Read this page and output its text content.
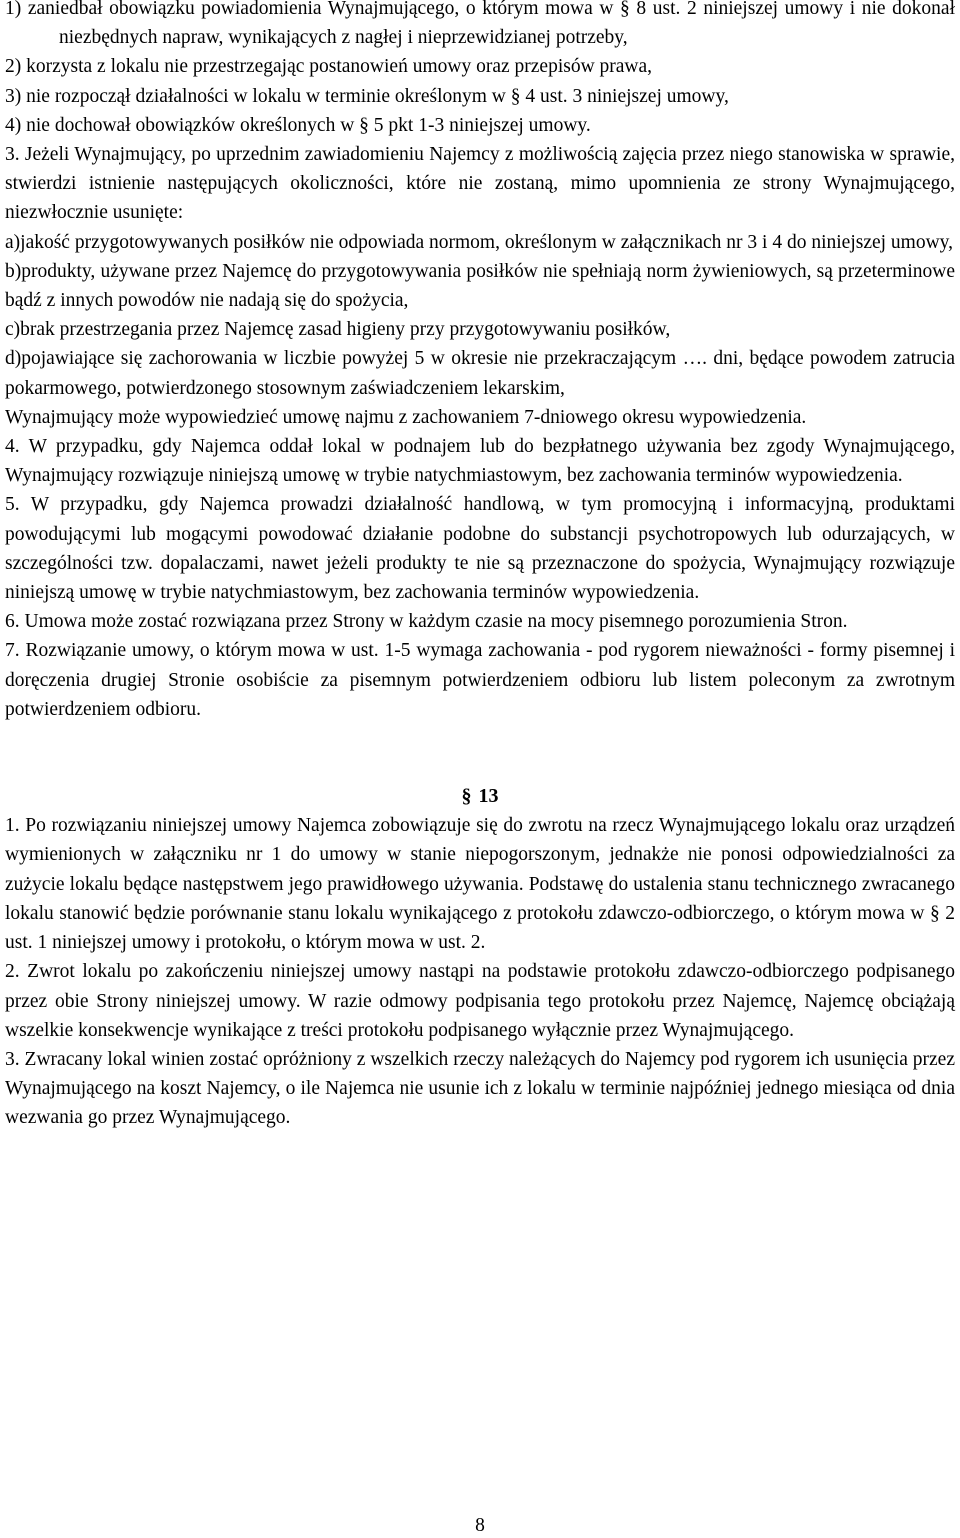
1) zaniedbał obowiązku powiadomienia Wynajmującego, o którym mowa w § 8 ust. 2 niniejszej umowy i nie dokonał niezbędnych napraw, wynikających z nagłej i nieprzewidzianej potrzeby,

2) korzysta z lokalu nie przestrzegając postanowień umowy oraz przepisów prawa,

3) nie rozpoczął działalności w lokalu w terminie określonym w § 4 ust. 3 niniejszej umowy,

4) nie dochował obowiązków określonych w § 5 pkt 1-3 niniejszej umowy.

3. Jeżeli Wynajmujący, po uprzednim zawiadomieniu Najemcy z możliwością zajęcia przez niego stanowiska w sprawie, stwierdzi istnienie następujących okoliczności, które nie zostaną, mimo upomnienia ze strony Wynajmującego, niezwłocznie usunięte:

a)jakość przygotowywanych posiłków nie odpowiada normom, określonym w załącznikach nr 3 i 4 do niniejszej umowy,

b)produkty, używane przez Najemcę do przygotowywania posiłków nie spełniają norm żywieniowych, są przeterminowe bądź z innych powodów nie nadają się do spożycia,

c)brak przestrzegania przez Najemcę zasad higieny przy przygotowywaniu posiłków,

d)pojawiające się zachorowania w liczbie powyżej 5 w okresie nie przekraczającym …. dni, będące powodem zatrucia pokarmowego, potwierdzonego stosownym zaświadczeniem lekarskim,

Wynajmujący może wypowiedzieć umowę najmu z zachowaniem 7-dniowego okresu wypowiedzenia.

4. W przypadku, gdy Najemca oddał lokal w podnajem lub do bezpłatnego używania bez zgody Wynajmującego, Wynajmujący rozwiązuje niniejszą umowę w trybie natychmiastowym, bez zachowania terminów wypowiedzenia.

5. W przypadku, gdy Najemca prowadzi działalność handlową, w tym promocyjną i informacyjną, produktami powodującymi lub mogącymi powodować działanie podobne do substancji psychotropowych lub odurzających, w szczególności tzw. dopalaczami, nawet jeżeli produkty te nie są przeznaczone do spożycia, Wynajmujący rozwiązuje niniejszą umowę w trybie natychmiastowym, bez zachowania terminów wypowiedzenia.

6. Umowa może zostać rozwiązana przez Strony w każdym czasie na mocy pisemnego porozumienia Stron.

7. Rozwiązanie umowy, o którym mowa w ust. 1-5 wymaga zachowania - pod rygorem nieważności - formy pisemnej i doręczenia drugiej Stronie osobiście za pisemnym potwierdzeniem odbioru lub listem poleconym za zwrotnym potwierdzeniem odbioru.

§ 13

1. Po rozwiązaniu niniejszej umowy Najemca zobowiązuje się do zwrotu na rzecz Wynajmującego lokalu oraz urządzeń wymienionych w załączniku nr 1 do umowy w stanie niepogorszonym, jednakże nie ponosi odpowiedzialności za zużycie lokalu będące następstwem jego prawidłowego używania. Podstawę do ustalenia stanu technicznego zwracanego lokalu stanowić będzie porównanie stanu lokalu wynikającego z protokołu zdawczo-odbiorczego, o którym mowa w § 2 ust. 1 niniejszej umowy i protokołu, o którym mowa w ust. 2.

2. Zwrot lokalu po zakończeniu niniejszej umowy nastąpi na podstawie protokołu zdawczo-odbiorczego podpisanego przez obie Strony niniejszej umowy. W razie odmowy podpisania tego protokołu przez Najemcę, Najemcę obciążają wszelkie konsekwencje wynikające z treści protokołu podpisanego wyłącznie przez Wynajmującego.

3. Zwracany lokal winien zostać opróżniony z wszelkich rzeczy należących do Najemcy pod rygorem ich usunięcia przez Wynajmującego na koszt Najemcy, o ile Najemca nie usunie ich z lokalu w terminie najpóźniej jednego miesiąca od dnia wezwania go przez Wynajmującego.

8
